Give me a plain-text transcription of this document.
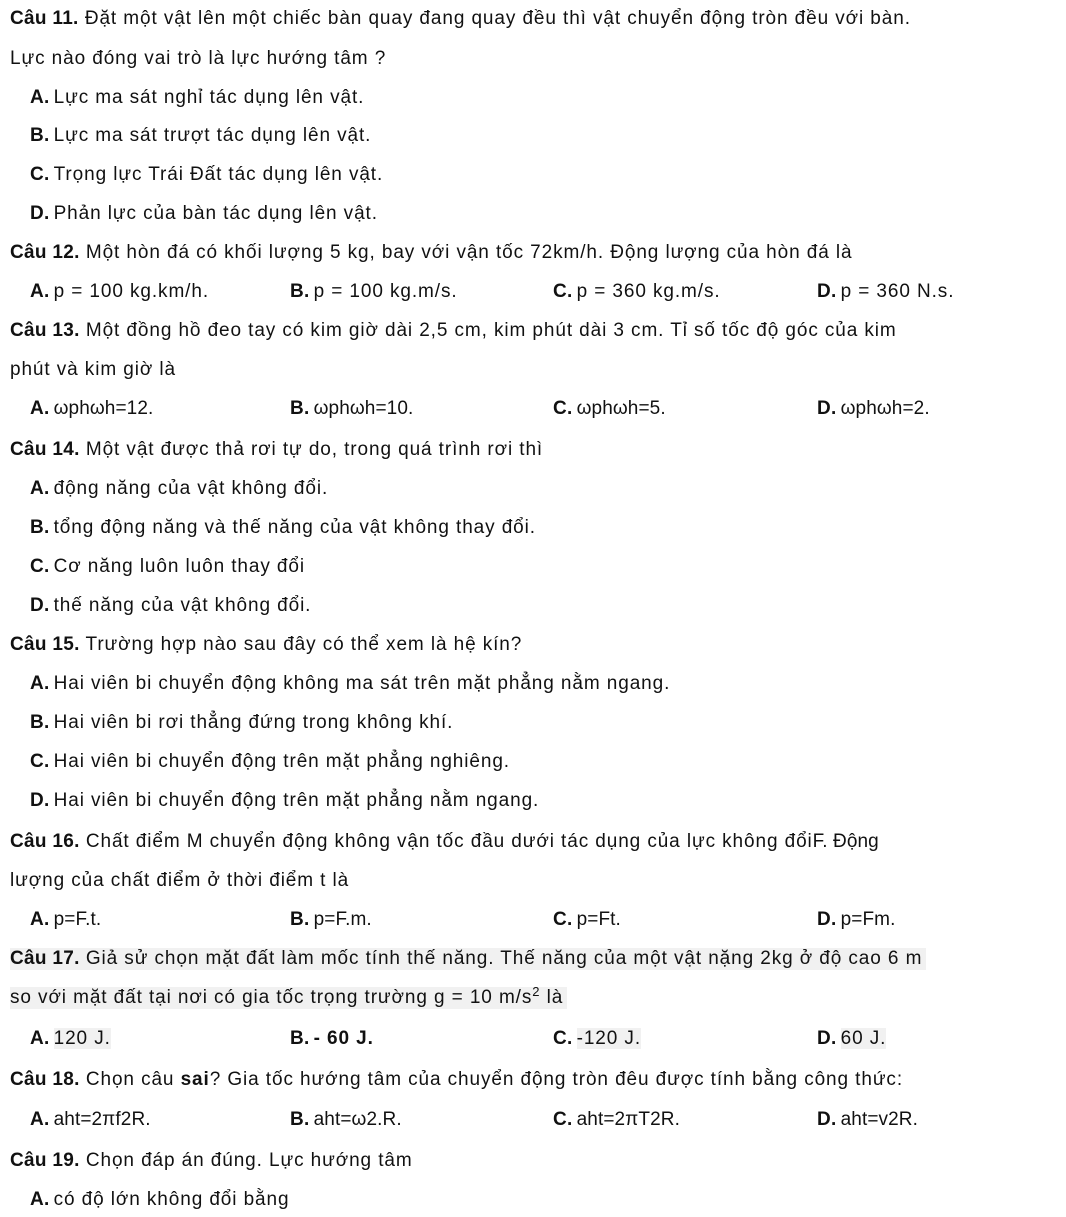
Câu 11. Đặt một vật lên một chiếc bàn quay đang quay đều thì vật chuyển động tròn đều với bàn.
Lực nào đóng vai trò là lực hướng tâm ?
A. Lực ma sát nghỉ tác dụng lên vật.
B. Lực ma sát trượt tác dụng lên vật.
C. Trọng lực Trái Đất tác dụng lên vật.
D. Phản lực của bàn tác dụng lên vật.
Câu 12. Một hòn đá có khối lượng 5 kg, bay với vận tốc 72km/h. Động lượng của hòn đá là
A. p = 100 kg.km/h.	B. p = 100 kg.m/s.	C. p = 360 kg.m/s.	D. p = 360 N.s.
Câu 13. Một đồng hồ đeo tay có kim giờ dài 2,5 cm, kim phút dài 3 cm. Tỉ số tốc độ góc của kim
phút và kim giờ là
A. ωphωh=12.	B. ωphωh=10.	C. ωphωh=5.	D. ωphωh=2.
Câu 14. Một vật được thả rơi tự do, trong quá trình rơi thì
A. động năng của vật không đổi.
B. tổng động năng và thế năng của vật không thay đổi.
C. Cơ năng luôn luôn thay đổi
D. thế năng của vật không đổi.
Câu 15. Trường hợp nào sau đây có thể xem là hệ kín?
A. Hai viên bi chuyển động không ma sát trên mặt phẳng nằm ngang.
B. Hai viên bi rơi thẳng đứng trong không khí.
C. Hai viên bi chuyển động trên mặt phẳng nghiêng.
D. Hai viên bi chuyển động trên mặt phẳng nằm ngang.
Câu 16. Chất điểm M chuyển động không vận tốc đầu dưới tác dụng của lực không đổiF. Động
lượng của chất điểm ở thời điểm t là
A. p=F.t.	B. p=F.m.	C. p=Ft.	D. p=Fm.
Câu 17. Giả sử chọn mặt đất làm mốc tính thế năng. Thế năng của một vật nặng 2kg ở độ cao 6 m
so với mặt đất tại nơi có gia tốc trọng trường g = 10 $m/s^2$ là
A. 120 J.	B. - 60 J.	C. -120 J.	D. 60 J.
Câu 18. Chọn câu sai? Gia tốc hướng tâm của chuyển động tròn đêu được tính bằng công thức:
A. aht=2πf2R.	B. aht=ω2.R.	C. aht=2πT2R.	D. aht=v2R.
Câu 19. Chọn đáp án đúng. Lực hướng tâm
A. có độ lớn không đổi bằng
